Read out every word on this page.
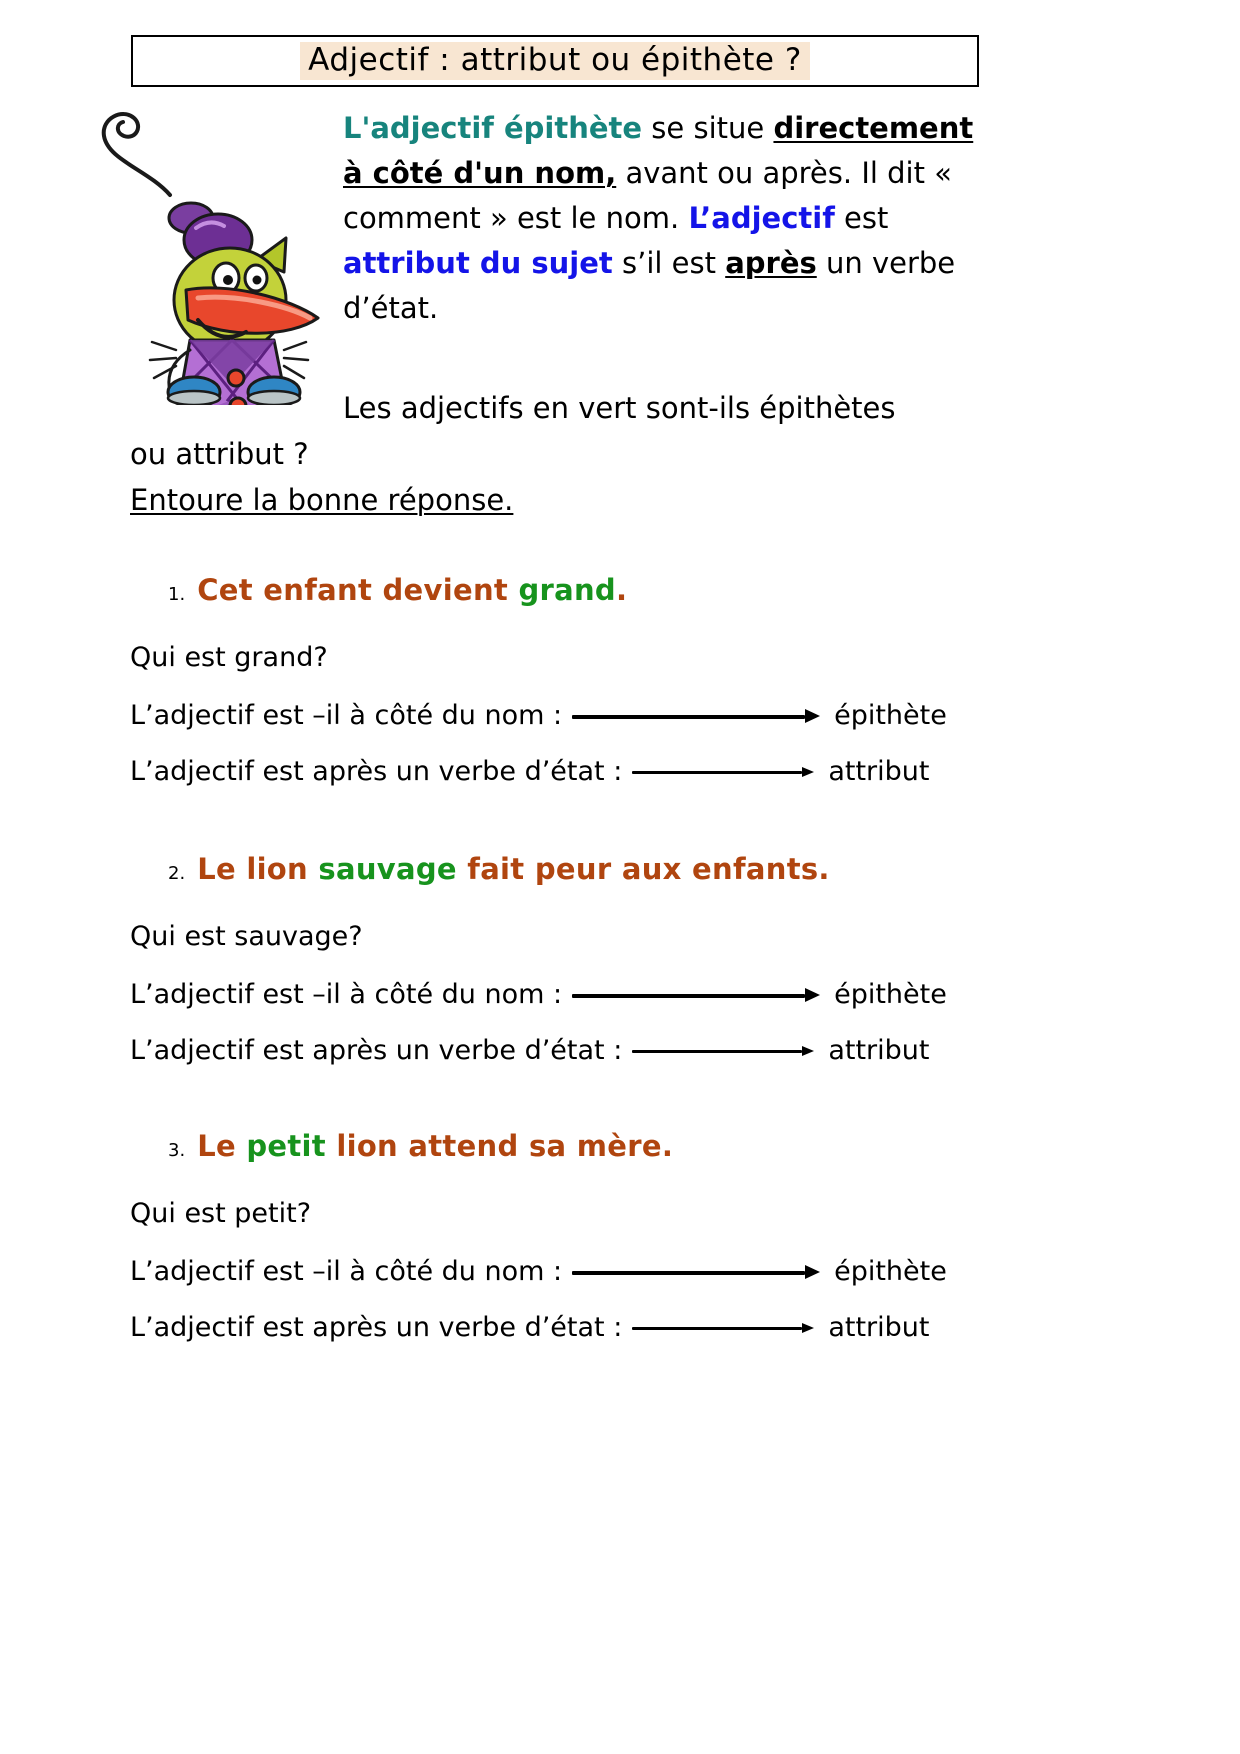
Adjectif : attribut ou épithète ?
L'adjectif épithète se situe directement à côté d'un nom, avant ou après. Il dit « comment » est le nom. L’adjectif est attribut du sujet s’il est après un verbe d’état.
Les adjectifs en vert sont-ils épithètes
ou attribut ?
Entoure la bonne réponse.
1. Cet enfant devient grand.
Qui est grand?
L’adjectif est –il à côté du nom :	épithète
L’adjectif est après un verbe d’état :	attribut
2. Le lion sauvage fait peur aux enfants.
Qui est sauvage?
L’adjectif est –il à côté du nom :	épithète
L’adjectif est après un verbe d’état :	attribut
3. Le petit lion attend sa mère.
Qui est petit?
L’adjectif est –il à côté du nom :	épithète
L’adjectif est après un verbe d’état :	attribut
